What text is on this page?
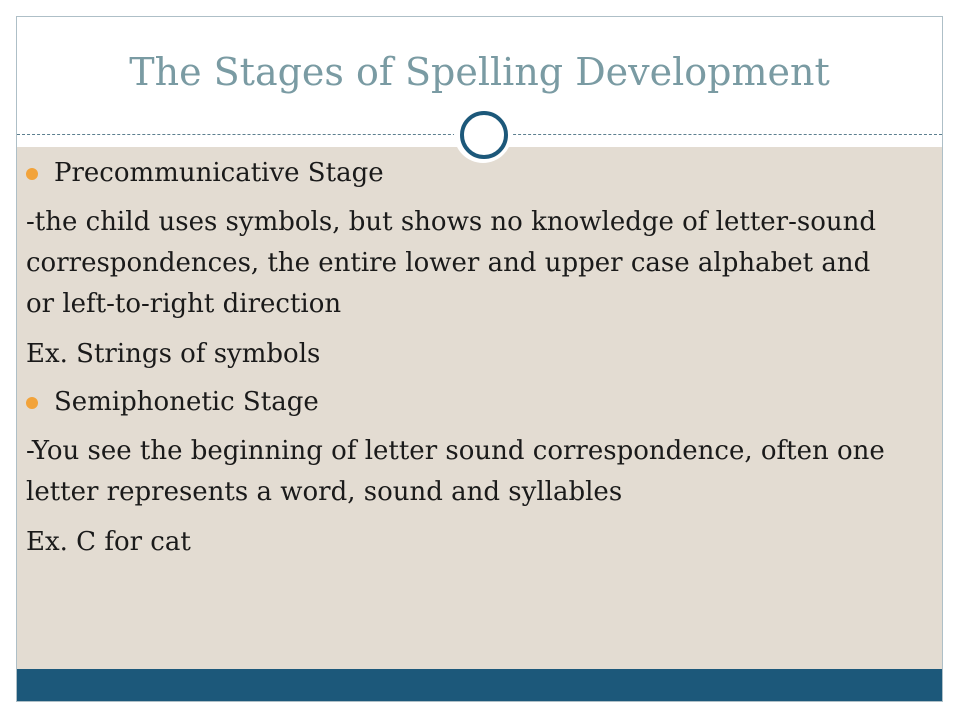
The Stages of Spelling Development
Precommunicative Stage
-the child uses symbols, but shows no knowledge of letter-sound correspondences, the entire lower and upper case alphabet and or left-to-right direction
Ex. Strings of symbols
Semiphonetic Stage
-You see the beginning of letter sound correspondence, often one letter represents a word, sound and syllables
Ex. C for cat
